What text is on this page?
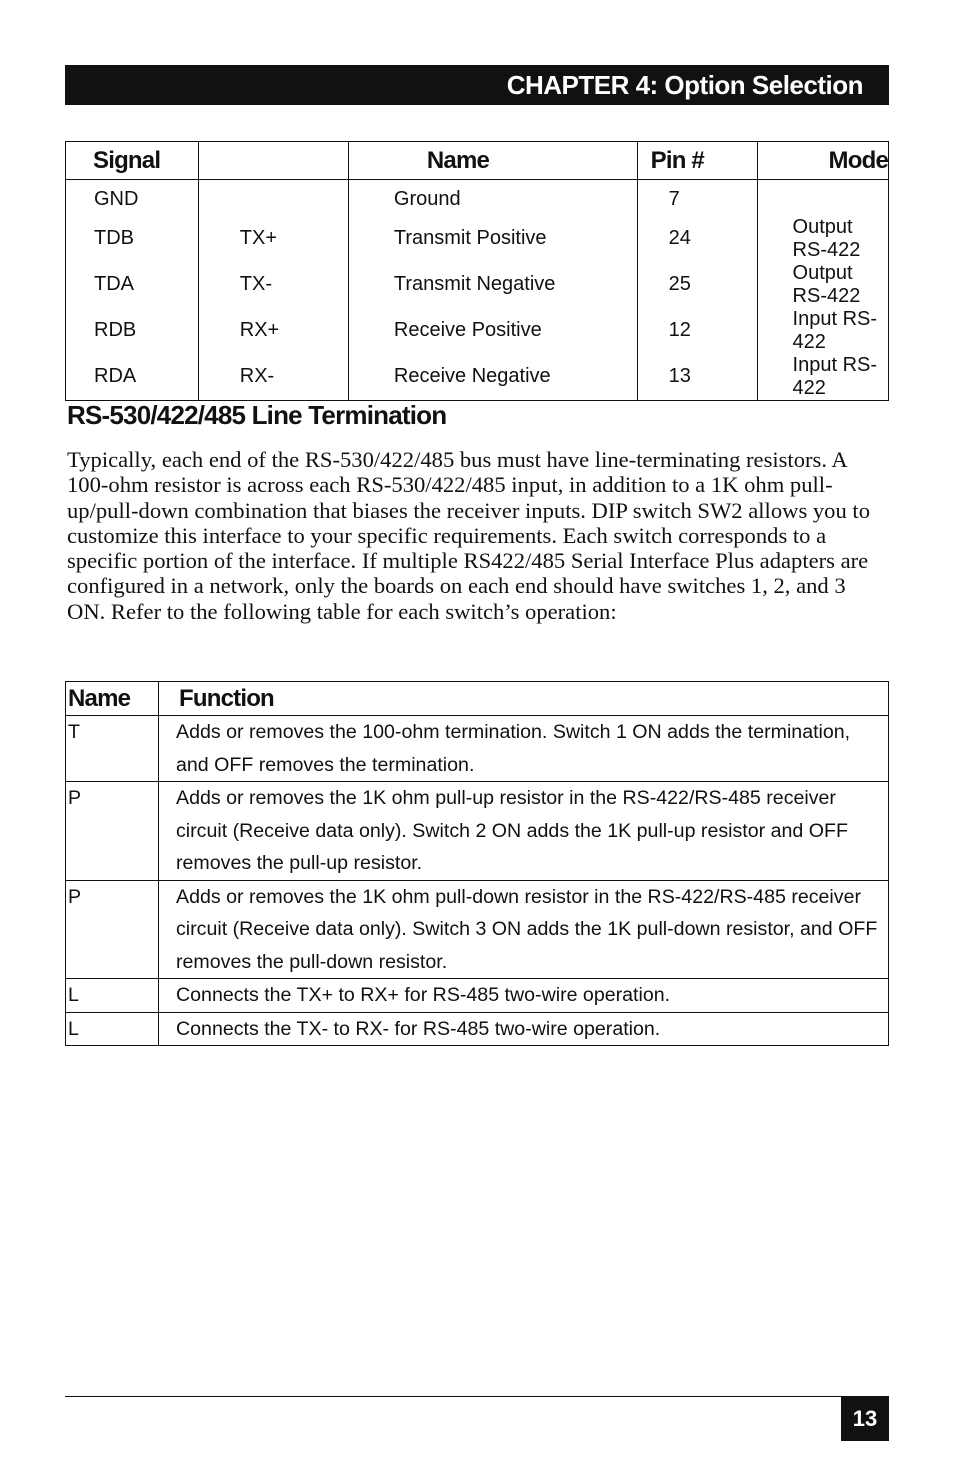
CHAPTER 4: Option Selection
Signal		Name	Pin #	Mode
GND		Ground	7	
TDB	TX+	Transmit Positive	24	Output RS-422
TDA	TX-	Transmit Negative	25	Output RS-422
RDB	RX+	Receive Positive	12	Input RS-422
RDA	RX-	Receive Negative	13	Input RS-422
RS-530/422/485 Line Termination

Typically, each end of the RS-530/422/485 bus must have line-terminating resistors. A 100-ohm resistor is across each RS-530/422/485 input, in addition to a 1K ohm pull-up/pull-down combination that biases the receiver inputs. DIP switch SW2 allows you to customize this interface to your specific requirements. Each switch corresponds to a specific portion of the interface. If multiple RS422/485 Serial Interface Plus adapters are configured in a network, only the boards on each end should have switches 1, 2, and 3 ON. Refer to the following table for each switch’s operation:

Name	Function
T	Adds or removes the 100-ohm termination. Switch 1 ON adds the termination, and OFF removes the termination.
P	Adds or removes the 1K ohm pull-up resistor in the RS-422/RS-485 receiver circuit (Receive data only). Switch 2 ON adds the 1K pull-up resistor and OFF removes the pull-up resistor.
P	Adds or removes the 1K ohm pull-down resistor in the RS-422/RS-485 receiver circuit (Receive data only). Switch 3 ON adds the 1K pull-down resistor, and OFF removes the pull-down resistor.
L	Connects the TX+ to RX+ for RS-485 two-wire operation.
L	Connects the TX- to RX- for RS-485 two-wire operation.
13
